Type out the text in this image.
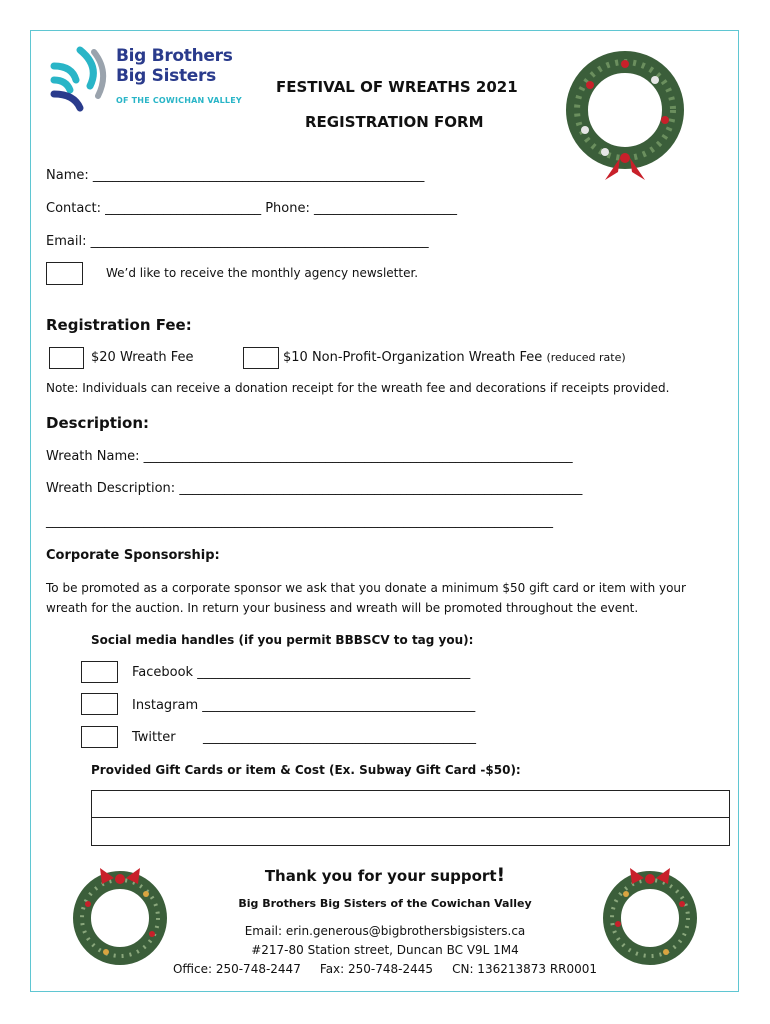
Big Brothers
Big Sisters
OF THE COWICHAN VALLEY
FESTIVAL OF WREATHS 2021
REGISTRATION FORM
Name: ___________________________________________________
Contact: ________________________ Phone: ______________________
Email: ____________________________________________________
We’d like to receive the monthly agency newsletter.
Registration Fee:
$20 Wreath Fee	$10 Non-Profit-Organization Wreath Fee (reduced rate)
Note: Individuals can receive a donation receipt for the wreath fee and decorations if receipts provided.
Description:
Wreath Name: __________________________________________________________________
Wreath Description: ______________________________________________________________
______________________________________________________________________________
Corporate Sponsorship:
To be promoted as a corporate sponsor we ask that you donate a minimum $50 gift card or item with your
wreath for the auction. In return your business and wreath will be promoted throughout the event.
Social media handles (if you permit BBBSCV to tag you):
Facebook __________________________________________
Instagram __________________________________________
Twitter __________________________________________
Provided Gift Cards or item & Cost (Ex. Subway Gift Card -$50):
Thank you for your support!
Big Brothers Big Sisters of the Cowichan Valley
Email: erin.generous@bigbrothersbigsisters.ca
#217-80 Station street, Duncan BC V9L 1M4
Office: 250-748-2447     Fax: 250-748-2445     CN: 136213873 RR0001
